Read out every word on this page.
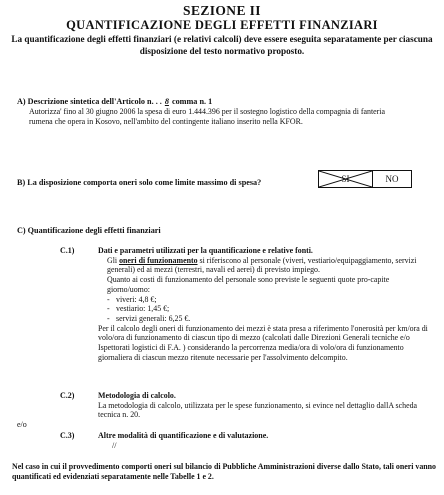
SEZIONE II
QUANTIFICAZIONE DEGLI EFFETTI FINANZIARI
La quantificazione degli effetti finanziari (e relativi calcoli) deve essere eseguita separatamente per ciascuna disposizione del testo normativo proposto.
A) Descrizione sintetica dell'Articolo n. . . 8 comma n. 1
Autorizza' fino al 30 giugno 2006 la spesa di euro 1.444.396 per il sostegno logistico della compagnia di fanteria rumena che opera in Kosovo, nell'ambito del contingente italiano inserito nella KFOR.
B) La disposizione comporta oneri solo come limite massimo di spesa?	SI	NO
C) Quantificazione degli effetti finanziari
C.1)	Dati e parametri utilizzati per la quantificazione e relative fonti.

Gli oneri di funzionamento si riferiscono al personale (viveri, vestiario/equipaggiamento, servizi generali) ed ai mezzi (terrestri, navali ed aerei) di previsto impiego.

Quanto ai costi di funzionamento del personale sono previste le seguenti quote pro-capite giorno/uomo:

- viveri: 4,8 €;
- vestiario: 1,45 €;
- servizi generali: 6,25 €.

Per il calcolo degli oneri di funzionamento dei mezzi è stata presa a riferimento l'onerosità per km/ora di volo/ora di funzionamento di ciascun tipo di mezzo (calcolati dalle Direzioni Generali tecniche e/o Ispettorati logistici di F.A. ) considerando la percorrenza media/ora di volo/ora di funzionamento giornaliera di ciascun mezzo ritenute necessarie per l'assolvimento delcompito.

C.2)	Metodologia di calcolo.

La metodologia di calcolo, utilizzata per le spese funzionamento, si evince nel dettaglio dallA scheda tecnica n. 20.

e/o
C.3)	Altre modalità di quantificazione e di valutazione.
//
Nel caso in cui il provvedimento comporti oneri sul bilancio di Pubbliche Amministrazioni diverse dallo Stato, tali oneri vanno quantificati ed evidenziati separatamente nelle Tabelle 1 e 2.
